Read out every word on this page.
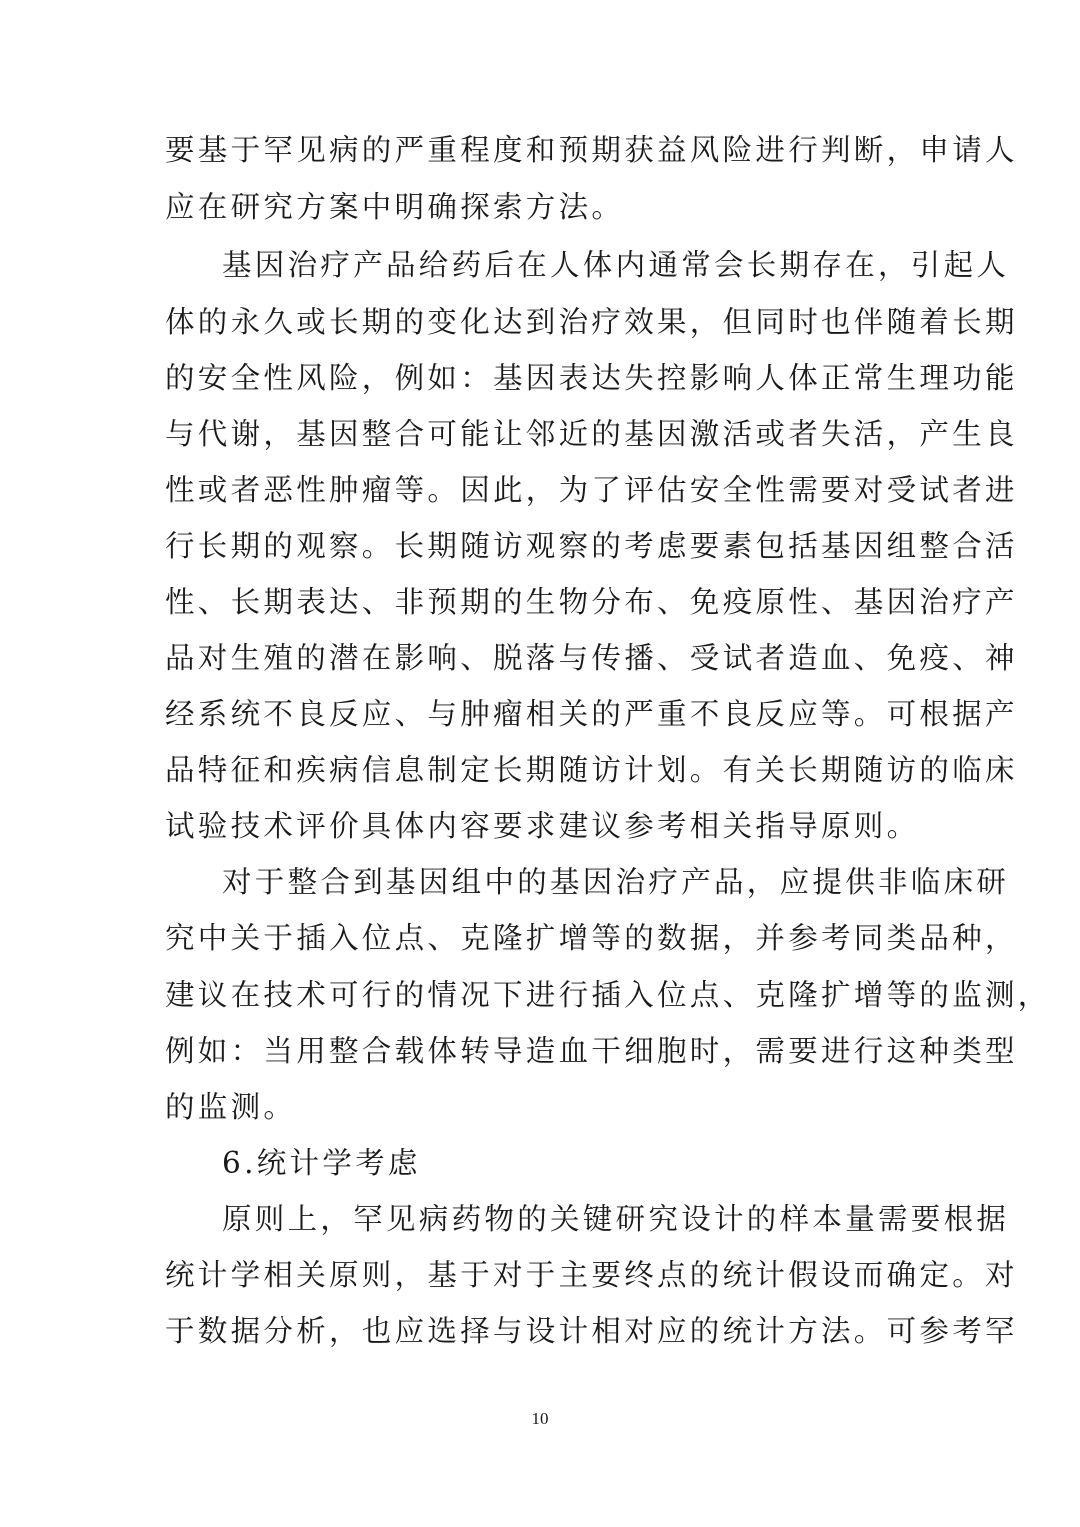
要基于罕见病的严重程度和预期获益风险进行判断，申请人
应在研究方案中明确探索方法。
基因治疗产品给药后在人体内通常会长期存在，引起人
体的永久或长期的变化达到治疗效果，但同时也伴随着长期
的安全性风险，例如：基因表达失控影响人体正常生理功能
与代谢，基因整合可能让邻近的基因激活或者失活，产生良
性或者恶性肿瘤等。因此，为了评估安全性需要对受试者进
行长期的观察。长期随访观察的考虑要素包括基因组整合活
性、长期表达、非预期的生物分布、免疫原性、基因治疗产
品对生殖的潜在影响、脱落与传播、受试者造血、免疫、神
经系统不良反应、与肿瘤相关的严重不良反应等。可根据产
品特征和疾病信息制定长期随访计划。有关长期随访的临床
试验技术评价具体内容要求建议参考相关指导原则。
对于整合到基因组中的基因治疗产品，应提供非临床研
究中关于插入位点、克隆扩增等的数据，并参考同类品种，
建议在技术可行的情况下进行插入位点、克隆扩增等的监测，
例如：当用整合载体转导造血干细胞时，需要进行这种类型
的监测。
6.统计学考虑
原则上，罕见病药物的关键研究设计的样本量需要根据
统计学相关原则，基于对于主要终点的统计假设而确定。对
于数据分析，也应选择与设计相对应的统计方法。可参考罕
10
